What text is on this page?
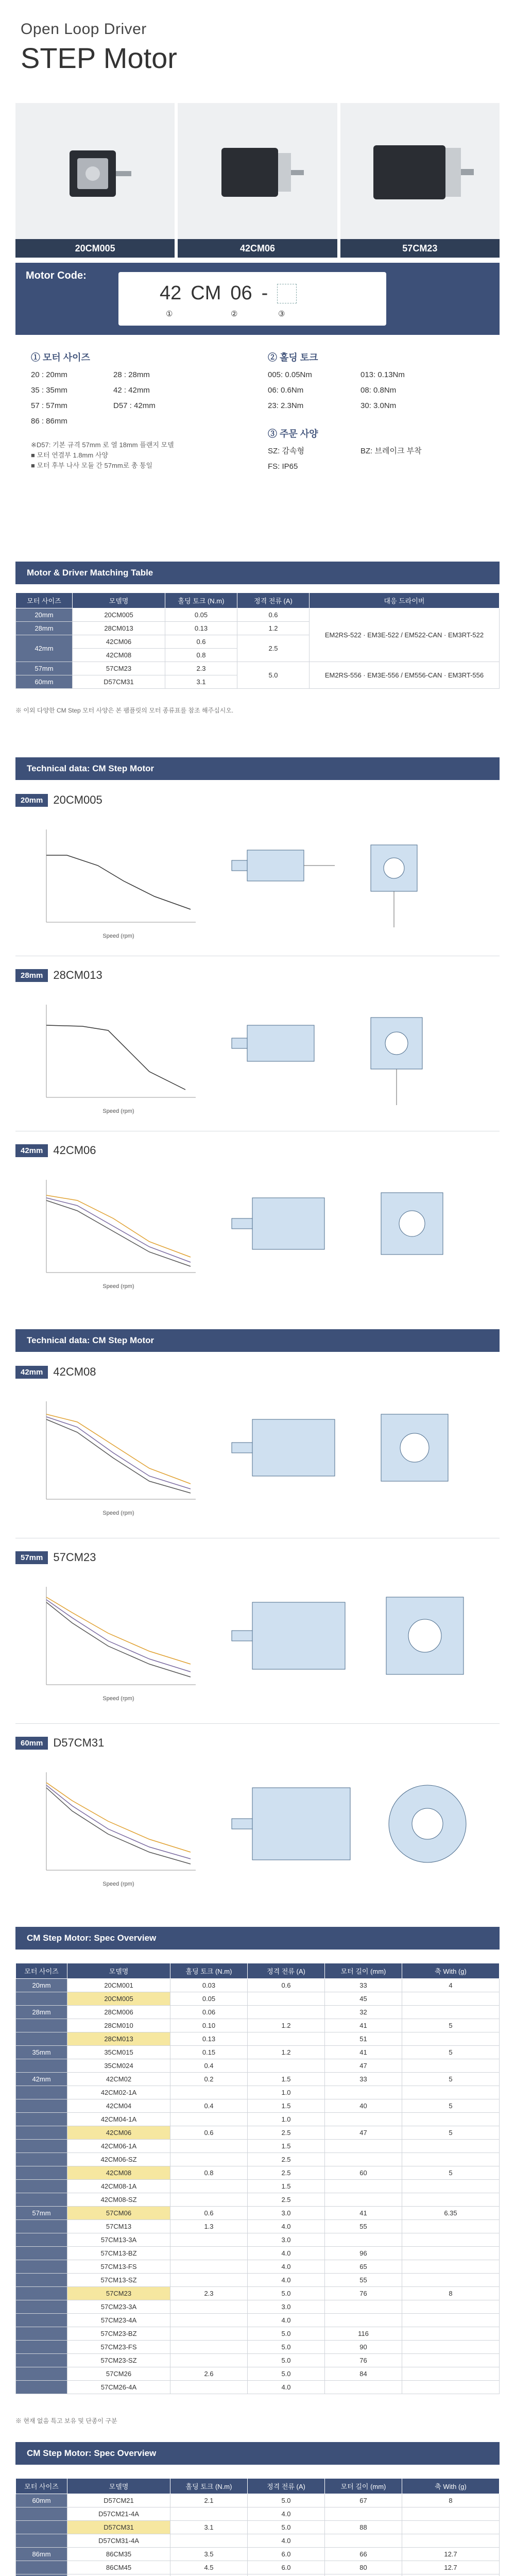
Open Loop Driver
STEP Motor
20CM005	42CM06	57CM23
Motor Code:
42 CM 06 -
①	②	③
① 모터 사이즈
20 : 20mm	28 : 28mm
35 : 35mm	42 : 42mm
57 : 57mm	D57 : 42mm
86 : 86mm
※D57: 기본 규격 57mm 로 열 18mm 플랜지 모델
■ 모터 연결부 1.8mm 사양
■ 모터 후부 나사 모듈 간 57mm로 총 통일
② 홀딩 토크
005: 0.05Nm	013: 0.13Nm
06: 0.6Nm	08: 0.8Nm
23: 2.3Nm	30: 3.0Nm
③ 주문 사양
SZ: 감속형	BZ: 브레이크 부착
FS: IP65
Motor & Driver Matching Table
모터 사이즈	모델명	홀딩 토크 (N.m)	정격 전류 (A)	대응 드라이버
20mm	20CM005	0.05	0.6	EM2RS-522 · EM3E-522 / EM522-CAN · EM3RT-522
28mm	28CM013	0.13	1.2	
42mm	42CM06	0.6	2.5	
	42CM08	0.8		
57mm	57CM23	2.3	5.0	EM2RS-556 · EM3E-556 / EM556-CAN · EM3RT-556
60mm	D57CM31	3.1		
※ 이외 다양한 CM Step 모터 사양은 본 팸플릿의 모터 종류표를 참조 해주십시오.
Technical data: CM Step Motor
20mm 20CM005
Speed (rpm)
28mm 28CM013
Speed (rpm)
42mm 42CM06
Speed (rpm)
Technical data: CM Step Motor
42mm 42CM08
Speed (rpm)
57mm 57CM23
Speed (rpm)
60mm D57CM31
Speed (rpm)
CM Step Motor: Spec Overview
모터 사이즈	모델명	홀딩 토크 (N.m)	정격 전류 (A)	모터 길이 (mm)	축 With (g)
20mm	20CM001	0.03	0.6	33	4
	20CM005	0.05		45	
28mm	28CM006	0.06		32	
	28CM010	0.10	1.2	41	5
	28CM013	0.13		51	
35mm	35CM015	0.15	1.2	41	5
	35CM024	0.4		47	
42mm	42CM02	0.2	1.5	33	5
	42CM02-1A		1.0		
	42CM04	0.4	1.5	40	5
	42CM04-1A		1.0		
	42CM06	0.6	2.5	47	5
	42CM06-1A		1.5		
	42CM06-SZ		2.5		
	42CM08	0.8	2.5	60	5
	42CM08-1A		1.5		
	42CM08-SZ		2.5		
57mm	57CM06	0.6	3.0	41	6.35
	57CM13	1.3	4.0	55	
	57CM13-3A		3.0		
	57CM13-BZ		4.0	96	
	57CM13-FS		4.0	65	
	57CM13-SZ		4.0	55	
	57CM23	2.3	5.0	76	8
	57CM23-3A		3.0		
	57CM23-4A		4.0		
	57CM23-BZ		5.0	116	
	57CM23-FS		5.0	90	
	57CM23-SZ		5.0	76	
	57CM26	2.6	5.0	84	
	57CM26-4A		4.0		
※ 현재 없음 특고 보유 및 단종이 구분
CM Step Motor: Spec Overview
모터 사이즈	모델명	홀딩 토크 (N.m)	정격 전류 (A)	모터 길이 (mm)	축 With (g)
60mm	D57CM21	2.1	5.0	67	8
	D57CM21-4A		4.0		
	D57CM31	3.1	5.0	88	
	D57CM31-4A		4.0		
86mm	86CM35	3.5	6.0	66	12.7
	86CM45	4.5	6.0	80	12.7
